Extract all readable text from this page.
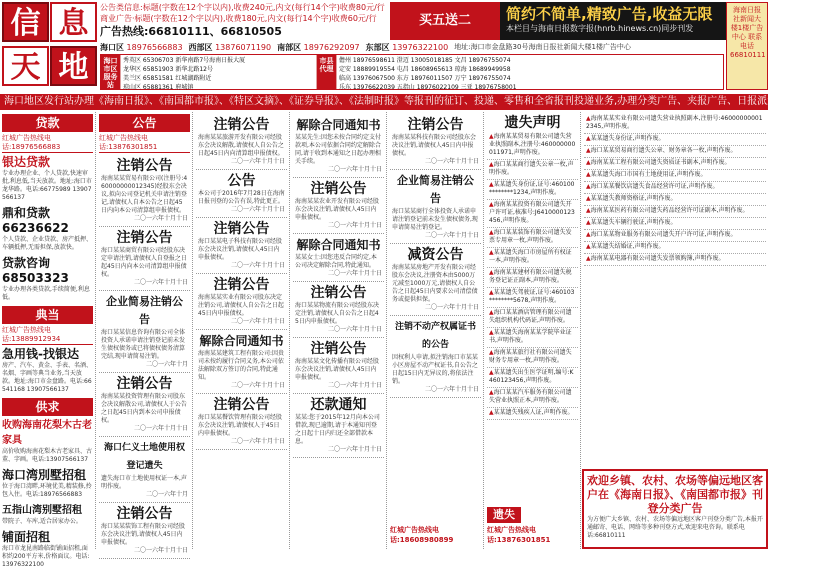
信 息
天 地
公告类信息:标题(字数在12个字以内),收费240元,内文(每行14个字)收费80元/行
商业广告·标题(字数在12个字以内),收费180元,内文(每行14个字)收费60元/行
广告热线:66810111、66810505
买五送二	简约不简单,精致广告,收益无限
本栏目与海南日报数字报(hnrb.hinews.cn)同步刊发
海南日报社新闻大楼1楼广告中心 联系电话 66810111
海口区 18976566883 西部区 13876071190 南部区 18976292097 东部区 13976322100 地址:海口市金盘路30号海南日报社新闻大楼1楼广告中心
海口市区服务站
秀英区 65306703 新华南路7号海南日报大厦
龙华区 65851903 新华北路12号
美兰区 65851581 红城湖路附近
琼山区 65881361 府城镇
市县代理
儋州 18976598611 澄迈 13005018185 文昌 18976755074
定安 18889919554 屯昌 18608965613 琼海 18689949958
临高 13976067500 东方 18976011507 万宁 18976755074
乐东 13976622039 五指山 18976022109 三亚 18976758001
海口地区发行站办理《海南日报》、《南国都市报》、《特区文摘》、《证券导报》、《法制时报》等报刊的征订、投递、零售和全省报刊投递业务,办理分类广告、夹报广告、日报派送及其它业务。
贷款
红城广告热线电话:18976566883
银达贷款
专业办理企业、个人贷款,快速审批,利息低,当天放款。地址:海口市龙华路。电话:66775989 13907566137
鼎和贷款66236622
个人贷款、企业贷款、房产抵押、车辆抵押,无需担保,放款快。
贷款咨询68503323
专业办理各类贷款,手续简便,利息低。
典当
红城广告热线电话:13889912934
急用钱-找银达
房产、汽车、黄金、手表、名酒、名烟、字画等典当业务,当天放款。地址:海口市金盘路。电话:66541168 13907566137
供求
收购海南花梨木古老家具
高价收购海南花梨木古老家具、古董、字画。电话:13907566137
海口湾別墅招租
位于海口湾畔,环境优美,精装修,拎包入住。电话:18976566883
五指山湾别墅招租
带院子、车库,适合居家办公。
铺面招租
海口市龙昆南路临街铺面招租,面积约200平方米,价格面议。电话:13976322100
公告
红城广告热线电话:13876301851
注销公告
海南某某贸易有限公司(注册号:460000000012345)经股东会决议,拟向公司登记机关申请注销登记,请债权人自本公告之日起45日内向本公司清算组申报债权。
二〇一六年十月十日
注销公告
海口某某商贸有限公司经股东决定申请注销,请债权人自登报之日起45日内向本公司清算组申报债权。
二〇一六年十月十日
企业简易注销公告
海口某某信息咨询有限公司全体投资人承诺申请注销登记前未发生债权债务或已将债权债务清算完结,现申请简易注销。
二〇一六年十月
注销公告
海南某某投资管理有限公司股东会决议解散公司,请债权人于公告之日起45日内到本公司申报债权。
二〇一六年十月十日
海口仁义土地使用权登记遗失
遗失海口市土地使用权证一本,声明作废。
二〇一六年十月
注销公告
海口某某装饰工程有限公司经股东会决议注销,请债权人45日内申报债权。
二〇一六年十月十日
注销公告
海南某某旅游开发有限公司经股东会决议解散,请债权人自公告之日起45日内向清算组申报债权。
二〇一六年十月十日
公告
本公司于2016年7月28日在海南日报刊登的公告有误,特此更正。
二〇一六年十月十日
注销公告
海口某某电子科技有限公司经股东会决议注销,请债权人45日内申报债权。
二〇一六年十月十日
注销公告
海南某某实业有限公司股东决定注销公司,请债权人自公告之日起45日内申报债权。
二〇一六年十月十日
解除合同通知书
海南某某建筑工程有限公司:因贵司未按约履行合同义务,本公司依法解除双方签订的合同,特此通知。
二〇一六年十月十日
注销公告
海口某某餐饮管理有限公司经股东会决议注销,请债权人于45日内申报债权。
二〇一六年十月十日
解除合同通知书
某某先生:因您未按合同约定支付款项,本公司依据合同约定解除合同,请于收到本通知之日起办理相关手续。
二〇一六年十月十日
注销公告
海南某某农业开发有限公司经股东会决议注销,请债权人45日内申报债权。
二〇一六年十月十日
解除合同通知书
某某女士:因您违反合同约定,本公司决定解除合同,特此通知。
二〇一六年十月十日
注销公告
海口某某物流有限公司经股东决定注销,请债权人自公告之日起45日内申报债权。
二〇一六年十月十日
注销公告
海南某某文化传播有限公司经股东会决议注销,请债权人45日内申报债权。
二〇一六年十月十日
还款通知
某某:您于2015年12月向本公司借款,现已逾期,请于本通知刊登之日起十日内归还全部借款本息。
二〇一六年十月十日
注销公告
海南某某科技有限公司经股东会决议注销,请债权人45日内申报债权。
二〇一六年十月十日
企业简易注销公告
海口某某商行全体投资人承诺申请注销登记前未发生债权债务,现申请简易注销登记。
二〇一六年十月十日
减资公告
海南某某房地产开发有限公司经股东会决议,注册资本由5000万元减至1000万元,请债权人自公告之日起45日内要求公司清偿债务或提供担保。
二〇一六年十月十日
注销不动产权属证书的公告
因权利人申请,拟注销海口市某某小区房屋不动产权证书,自公告之日起15日内无异议的,将依法注销。
二〇一六年十月十日
红城广告热线电话:18608980899
遗失声明
▲海南某某贸易有限公司遗失营业执照副本,注册号:460000000011971,声明作废。
▲海口某某商行遗失公章一枚,声明作废。
▲某某遗失身份证,证号:460100********1234,声明作废。
▲海南某某投资有限公司遗失开户许可证,核准号:J6410000123456,声明作废。
▲海口某某装饰有限公司遗失发票专用章一枚,声明作废。
▲某某遗失海口市房屋所有权证一本,声明作废。
▲海南某某建材有限公司遗失税务登记证正副本,声明作废。
▲某某遗失驾驶证,证号:460103********5678,声明作废。
▲海口某某酒店管理有限公司遗失组织机构代码证,声明作废。
▲某某遗失海南某某学院毕业证书,声明作废。
▲海南某某旅行社有限公司遗失财务专用章一枚,声明作废。
▲某某遗失出生医学证明,编号:K460123456,声明作废。
▲海口某某汽车服务有限公司遗失营业执照正本,声明作废。
▲某某遗失残疾人证,声明作废。
遗失
红城广告热线电话:13876301851
▲海南某某实业有限公司遗失营业执照副本,注册号:460000000012345,声明作废。
▲某某遗失身份证,声明作废。
▲海口某某贸易商行遗失公章、财务章各一枚,声明作废。
▲海南某某工程有限公司遗失资质证书副本,声明作废。
▲某某遗失海口市国有土地使用证,声明作废。
▲海口某某餐饮店遗失食品经营许可证,声明作废。
▲某某遗失教师资格证,声明作废。
▲海南某某医药有限公司遗失药品经营许可证副本,声明作废。
▲某某遗失车辆行驶证,声明作废。
▲海口某某物业服务有限公司遗失开户许可证,声明作废。
▲某某遗失结婚证,声明作废。
▲海南某某电器有限公司遗失发票领购簿,声明作废。
欢迎乡镇、农村、农场等偏远地区客户在《海南日报》、《南国都市报》刊登分类广告
为方便广大乡镇、农村、农场等偏远地区客户刊登分类广告,本报开通邮寄、电话、网络等多种刊登方式,欢迎来电咨询。联系电话:66810111
